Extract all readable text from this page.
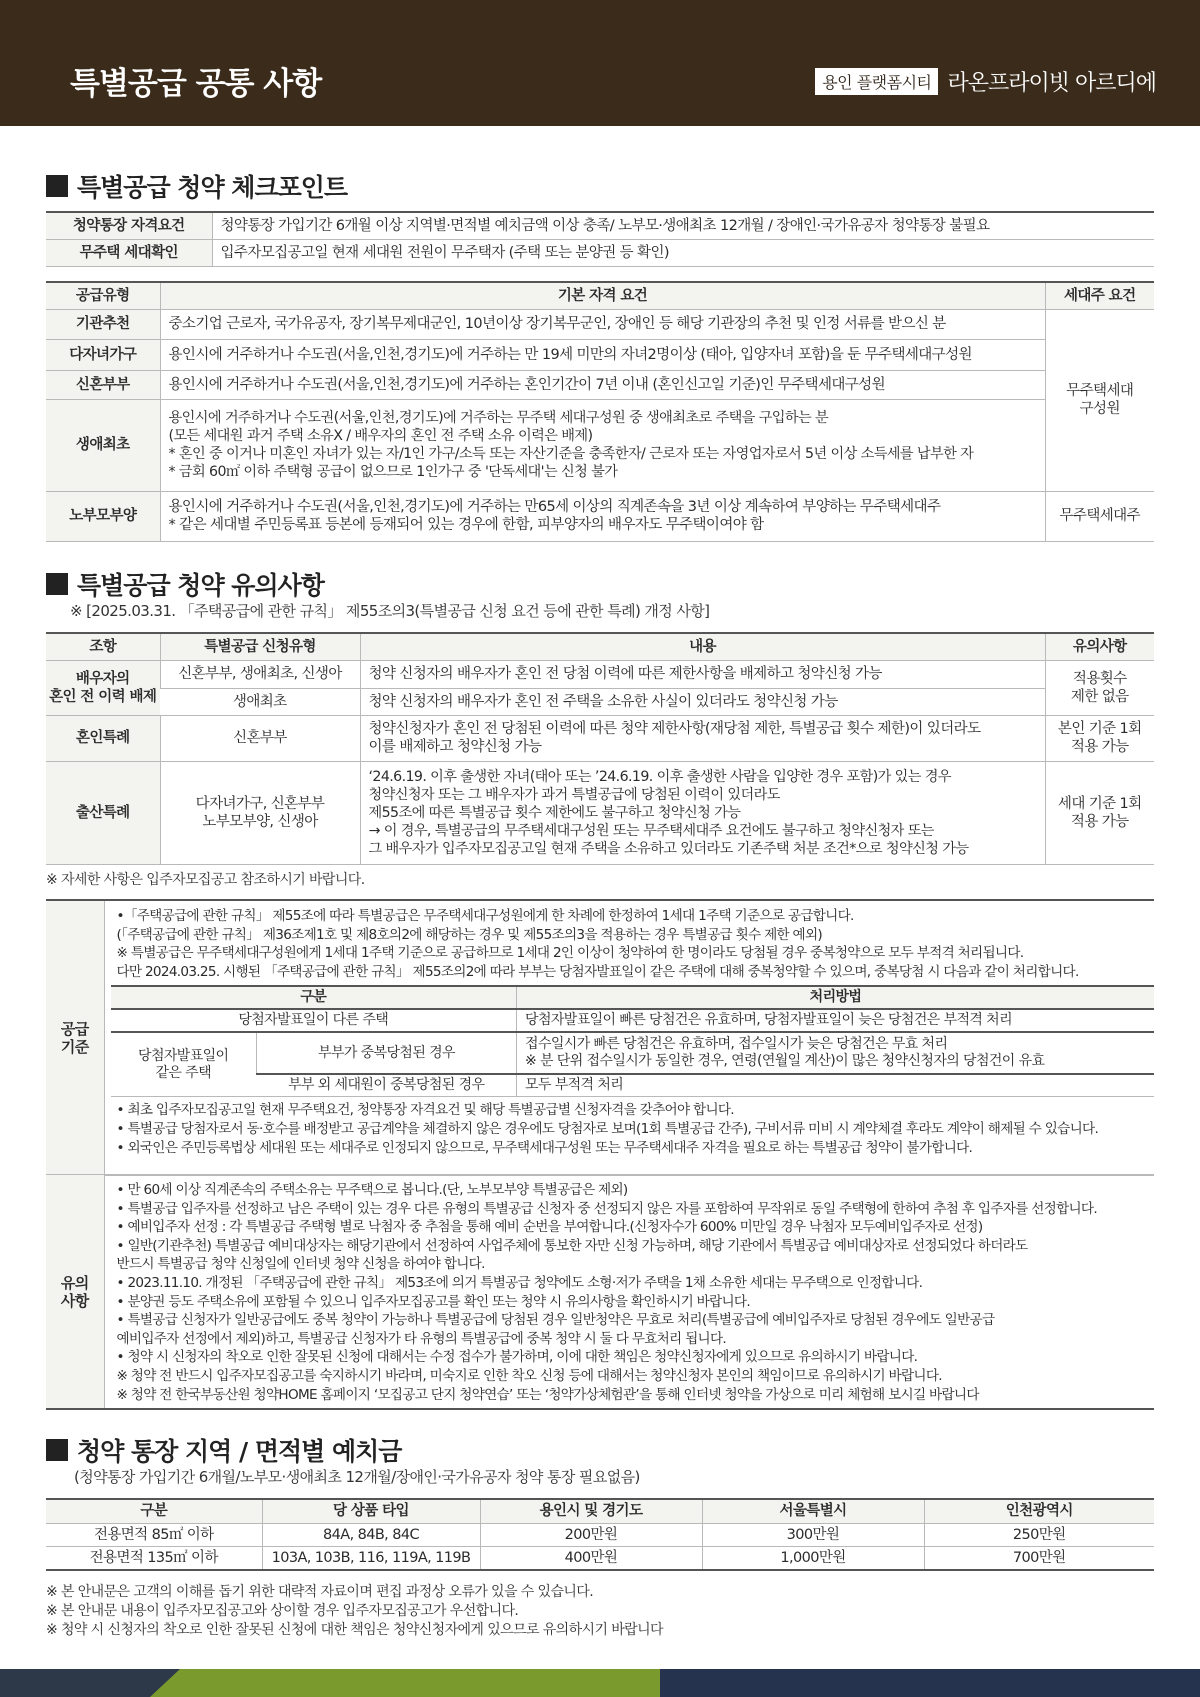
특별공급 공통 사항	용인 플랫폼시티 라온프라이빗 아르디에
특별공급 청약 체크포인트
청약통장 자격요건	청약통장 가입기간 6개월 이상 지역별·면적별 예치금액 이상 충족/ 노부모·생애최초 12개월 / 장애인·국가유공자 청약통장 불필요
무주택 세대확인	입주자모집공고일 현재 세대원 전원이 무주택자 (주택 또는 분양권 등 확인)
공급유형	기본 자격 요건	세대주 요건
기관추천	중소기업 근로자, 국가유공자, 장기복무제대군인, 10년이상 장기복무군인, 장애인 등 해당 기관장의 추천 및 인정 서류를 받으신 분	무주택세대
구성원
다자녀가구	용인시에 거주하거나 수도권(서울,인천,경기도)에 거주하는 만 19세 미만의 자녀2명이상 (태아, 입양자녀 포함)을 둔 무주택세대구성원	
신혼부부	용인시에 거주하거나 수도권(서울,인천,경기도)에 거주하는 혼인기간이 7년 이내 (혼인신고일 기준)인 무주택세대구성원	
생애최초	용인시에 거주하거나 수도권(서울,인천,경기도)에 거주하는 무주택 세대구성원 중 생애최초로 주택을 구입하는 분
(모든 세대원 과거 주택 소유X / 배우자의 혼인 전 주택 소유 이력은 배제)
* 혼인 중 이거나 미혼인 자녀가 있는 자/1인 가구/소득 또는 자산기준을 충족한자/ 근로자 또는 자영업자로서 5년 이상 소득세를 납부한 자
* 금회 60㎡ 이하 주택형 공급이 없으므로 1인가구 중 '단독세대'는 신청 불가	
노부모부양	용인시에 거주하거나 수도권(서울,인천,경기도)에 거주하는 만65세 이상의 직계존속을 3년 이상 계속하여 부양하는 무주택세대주
* 같은 세대별 주민등록표 등본에 등재되어 있는 경우에 한함, 피부양자의 배우자도 무주택이여야 함	무주택세대주
특별공급 청약 유의사항
※ [2025.03.31. 「주택공급에 관한 규칙」 제55조의3(특별공급 신청 요건 등에 관한 특례) 개정 사항]
조항	특별공급 신청유형	내용	유의사항
배우자의
혼인 전 이력 배제	신혼부부, 생애최초, 신생아	청약 신청자의 배우자가 혼인 전 당첨 이력에 따른 제한사항을 배제하고 청약신청 가능	적용횟수
제한 없음
	생애최초	청약 신청자의 배우자가 혼인 전 주택을 소유한 사실이 있더라도 청약신청 가능	
혼인특례	신혼부부	청약신청자가 혼인 전 당첨된 이력에 따른 청약 제한사항(재당첨 제한, 특별공급 횟수 제한)이 있더라도
이를 배제하고 청약신청 가능	본인 기준 1회
적용 가능
출산특례	다자녀가구, 신혼부부
노부모부양, 신생아	‘24.6.19. 이후 출생한 자녀(태아 또는 ’24.6.19. 이후 출생한 사람을 입양한 경우 포함)가 있는 경우
청약신청자 또는 그 배우자가 과거 특별공급에 당첨된 이력이 있더라도
제55조에 따른 특별공급 횟수 제한에도 불구하고 청약신청 가능
→ 이 경우, 특별공급의 무주택세대구성원 또는 무주택세대주 요건에도 불구하고 청약신청자 또는
그 배우자가 입주자모집공고일 현재 주택을 소유하고 있더라도 기존주택 처분 조건*으로 청약신청 가능	세대 기준 1회
적용 가능
※ 자세한 사항은 입주자모집공고 참조하시기 바랍니다.
공급
기준	
•「주택공급에 관한 규칙」 제55조에 따라 특별공급은 무주택세대구성원에게 한 차례에 한정하여 1세대 1주택 기준으로 공급합니다.
(「주택공급에 관한 규칙」 제36조제1호 및 제8호의2에 해당하는 경우 및 제55조의3을 적용하는 경우 특별공급 횟수 제한 예외)
※ 특별공급은 무주택세대구성원에게 1세대 1주택 기준으로 공급하므로 1세대 2인 이상이 청약하여 한 명이라도 당첨될 경우 중복청약으로 모두 부적격 처리됩니다.
다만 2024.03.25. 시행된 「주택공급에 관한 규칙」 제55조의2에 따라 부부는 당첨자발표일이 같은 주택에 대해 중복청약할 수 있으며, 중복당첨 시 다음과 같이 처리합니다.
구분	처리방법
당첨자발표일이 다른 주택	당첨자발표일이 빠른 당첨건은 유효하며, 당첨자발표일이 늦은 당첨건은 부적격 처리
당첨자발표일이
같은 주택	부부가 중복당첨된 경우	접수일시가 빠른 당첨건은 유효하며, 접수일시가 늦은 당첨건은 무효 처리
※ 분 단위 접수일시가 동일한 경우, 연령(연월일 계산)이 많은 청약신청자의 당첨건이 유효
부부 외 세대원이 중복당첨된 경우	모두 부적격 처리
• 최초 입주자모집공고일 현재 무주택요건, 청약통장 자격요건 및 해당 특별공급별 신청자격을 갖추어야 합니다.
• 특별공급 당첨자로서 동·호수를 배정받고 공급계약을 체결하지 않은 경우에도 당첨자로 보며(1회 특별공급 간주), 구비서류 미비 시 계약체결 후라도 계약이 해제될 수 있습니다.
• 외국인은 주민등록법상 세대원 또는 세대주로 인정되지 않으므로, 무주택세대구성원 또는 무주택세대주 자격을 필요로 하는 특별공급 청약이 불가합니다.
유의
사항	
• 만 60세 이상 직계존속의 주택소유는 무주택으로 봅니다.(단, 노부모부양 특별공급은 제외)
• 특별공급 입주자를 선정하고 남은 주택이 있는 경우 다른 유형의 특별공급 신청자 중 선정되지 않은 자를 포함하여 무작위로 동일 주택형에 한하여 추첨 후 입주자를 선정합니다.
• 예비입주자 선정 : 각 특별공급 주택형 별로 낙첨자 중 추첨을 통해 예비 순번을 부여합니다.(신청자수가 600% 미만일 경우 낙첨자 모두예비입주자로 선정)
• 일반(기관추천) 특별공급 예비대상자는 해당기관에서 선정하여 사업주체에 통보한 자만 신청 가능하며, 해당 기관에서 특별공급 예비대상자로 선정되었다 하더라도
반드시 특별공급 청약 신청일에 인터넷 청약 신청을 하여야 합니다.
• 2023.11.10. 개정된 「주택공급에 관한 규칙」 제53조에 의거 특별공급 청약에도 소형·저가 주택을 1채 소유한 세대는 무주택으로 인정합니다.
• 분양권 등도 주택소유에 포함될 수 있으니 입주자모집공고를 확인 또는 청약 시 유의사항을 확인하시기 바랍니다.
• 특별공급 신청자가 일반공급에도 중복 청약이 가능하나 특별공급에 당첨된 경우 일반청약은 무효로 처리(특별공급에 예비입주자로 당첨된 경우에도 일반공급
예비입주자 선정에서 제외)하고, 특별공급 신청자가 타 유형의 특별공급에 중복 청약 시 둘 다 무효처리 됩니다.
• 청약 시 신청자의 착오로 인한 잘못된 신청에 대해서는 수정 접수가 불가하며, 이에 대한 책임은 청약신청자에게 있으므로 유의하시기 바랍니다.
※ 청약 전 반드시 입주자모집공고를 숙지하시기 바라며, 미숙지로 인한 착오 신청 등에 대해서는 청약신청자 본인의 책임이므로 유의하시기 바랍니다.
※ 청약 전 한국부동산원 청약HOME 홈페이지 ‘모집공고 단지 청약연습’ 또는 ‘청약가상체험관’을 통해 인터넷 청약을 가상으로 미리 체험해 보시길 바랍니다
청약 통장 지역 / 면적별 예치금
(청약통장 가입기간 6개월/노부모·생애최초 12개월/장애인·국가유공자 청약 통장 필요없음)
구분	당 상품 타입	용인시 및 경기도	서울특별시	인천광역시
전용면적 85㎡ 이하	84A, 84B, 84C	200만원	300만원	250만원
전용면적 135㎡ 이하	103A, 103B, 116, 119A, 119B	400만원	1,000만원	700만원
※ 본 안내문은 고객의 이해를 돕기 위한 대략적 자료이며 편집 과정상 오류가 있을 수 있습니다.
※ 본 안내문 내용이 입주자모집공고와 상이할 경우 입주자모집공고가 우선합니다.
※ 청약 시 신청자의 착오로 인한 잘못된 신청에 대한 책임은 청약신청자에게 있으므로 유의하시기 바랍니다
